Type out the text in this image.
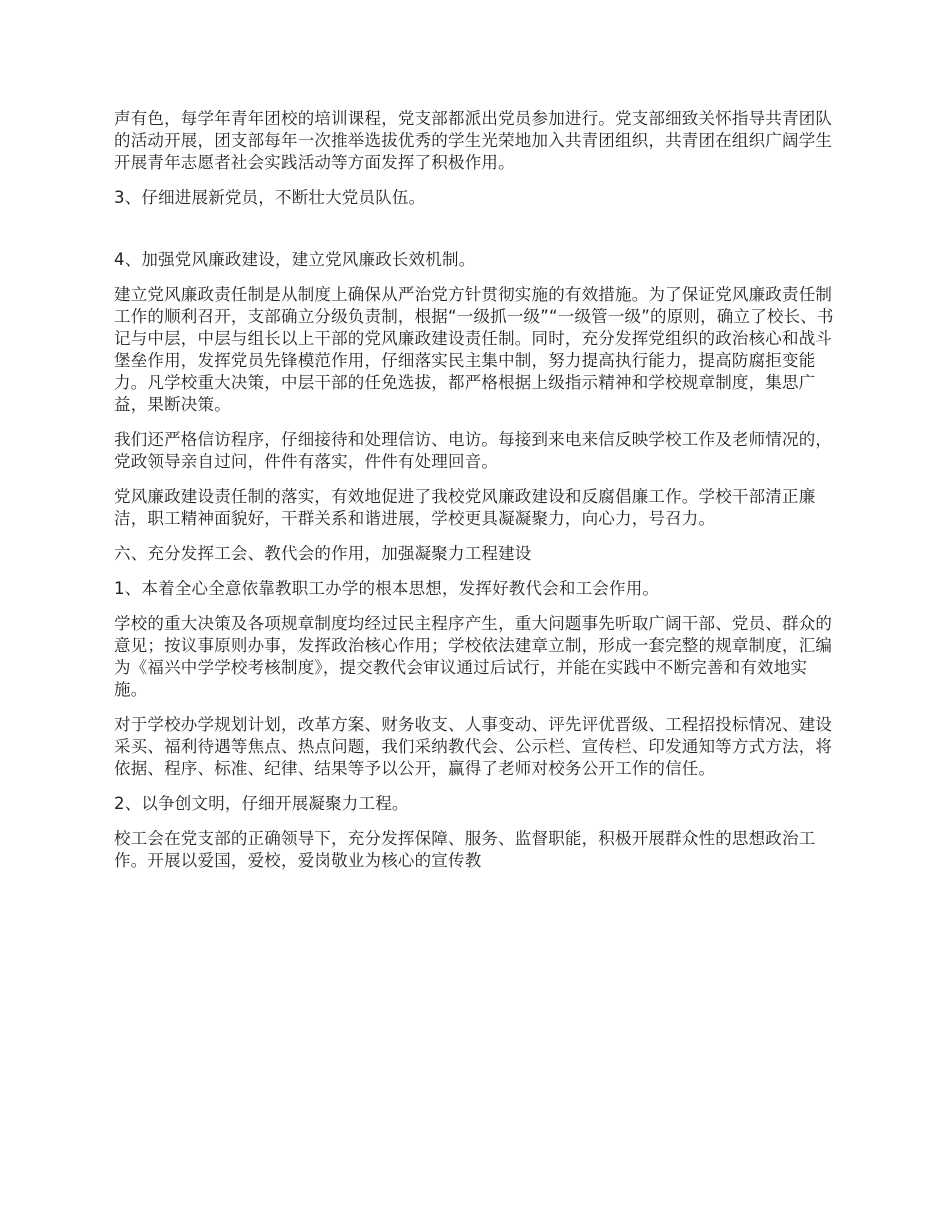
声有色，每学年青年团校的培训课程，党支部都派出党员参加进行。党支部细致关怀指导共青团队的活动开展，团支部每年一次推举选拔优秀的学生光荣地加入共青团组织，共青团在组织广阔学生开展青年志愿者社会实践活动等方面发挥了积极作用。

3、仔细进展新党员，不断壮大党员队伍。

4、加强党风廉政建设，建立党风廉政长效机制。

建立党风廉政责任制是从制度上确保从严治党方针贯彻实施的有效措施。为了保证党风廉政责任制工作的顺利召开，支部确立分级负责制，根据“一级抓一级”“一级管一级”的原则，确立了校长、书记与中层，中层与组长以上干部的党风廉政建设责任制。同时，充分发挥党组织的政治核心和战斗堡垒作用，发挥党员先锋模范作用，仔细落实民主集中制，努力提高执行能力，提高防腐拒变能力。凡学校重大决策，中层干部的任免选拔，都严格根据上级指示精神和学校规章制度，集思广益，果断决策。

我们还严格信访程序，仔细接待和处理信访、电访。每接到来电来信反映学校工作及老师情况的，党政领导亲自过问，件件有落实，件件有处理回音。

党风廉政建设责任制的落实，有效地促进了我校党风廉政建设和反腐倡廉工作。学校干部清正廉洁，职工精神面貌好，干群关系和谐进展，学校更具凝凝聚力，向心力，号召力。

六、充分发挥工会、教代会的作用，加强凝聚力工程建设

1、本着全心全意依靠教职工办学的根本思想，发挥好教代会和工会作用。

学校的重大决策及各项规章制度均经过民主程序产生，重大问题事先听取广阔干部、党员、群众的意见；按议事原则办事，发挥政治核心作用；学校依法建章立制，形成一套完整的规章制度，汇编为《福兴中学学校考核制度》，提交教代会审议通过后试行，并能在实践中不断完善和有效地实施。

对于学校办学规划计划，改革方案、财务收支、人事变动、评先评优晋级、工程招投标情况、建设采买、福利待遇等焦点、热点问题，我们采纳教代会、公示栏、宣传栏、印发通知等方式方法，将依据、程序、标准、纪律、结果等予以公开，赢得了老师对校务公开工作的信任。

2、以争创文明，仔细开展凝聚力工程。

校工会在党支部的正确领导下，充分发挥保障、服务、监督职能，积极开展群众性的思想政治工作。开展以爱国，爱校，爱岗敬业为核心的宣传教
